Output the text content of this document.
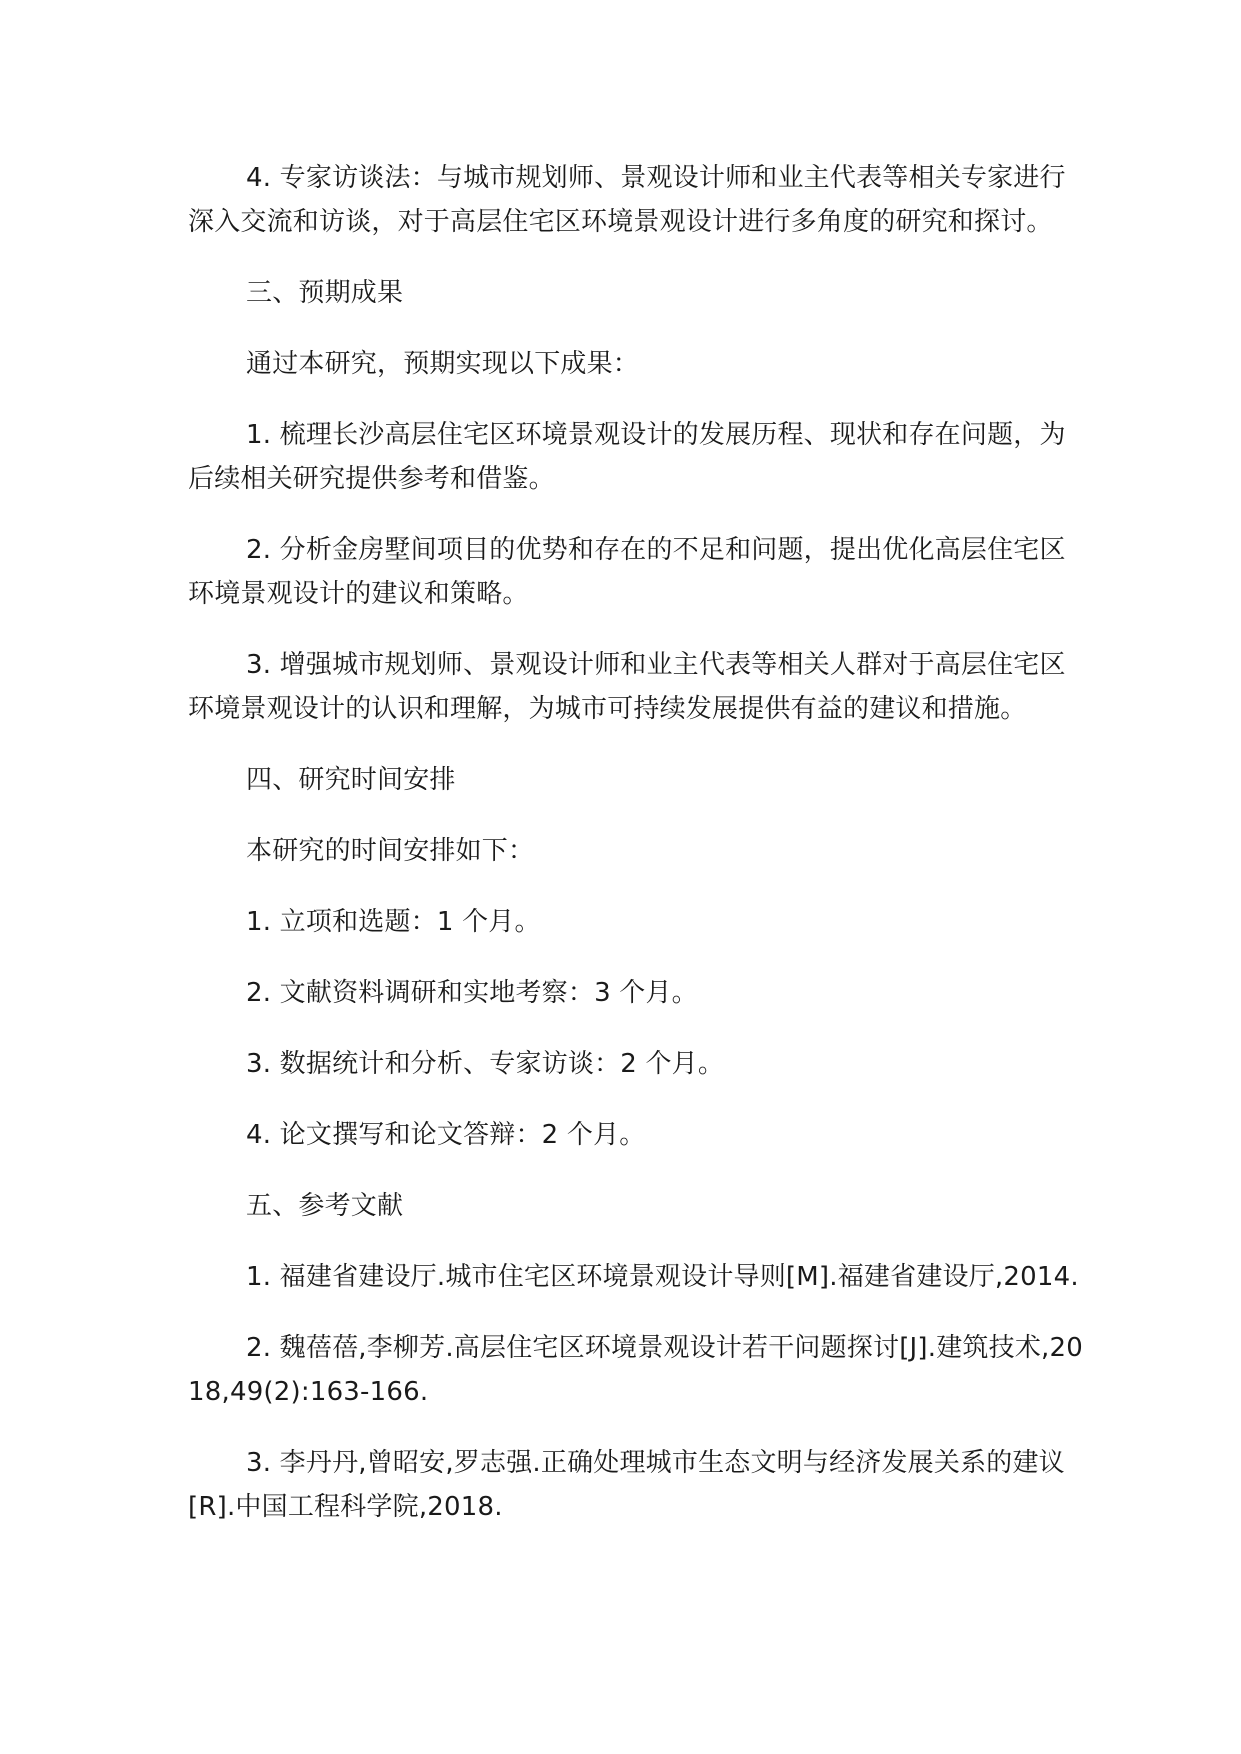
4. 专家访谈法：与城市规划师、景观设计师和业主代表等相关专家进行深入交流和访谈，对于高层住宅区环境景观设计进行多角度的研究和探讨。

三、预期成果

通过本研究，预期实现以下成果：

1. 梳理长沙高层住宅区环境景观设计的发展历程、现状和存在问题，为后续相关研究提供参考和借鉴。

2. 分析金房墅间项目的优势和存在的不足和问题，提出优化高层住宅区环境景观设计的建议和策略。

3. 增强城市规划师、景观设计师和业主代表等相关人群对于高层住宅区环境景观设计的认识和理解，为城市可持续发展提供有益的建议和措施。

四、研究时间安排

本研究的时间安排如下：

1. 立项和选题：1 个月。

2. 文献资料调研和实地考察：3 个月。

3. 数据统计和分析、专家访谈：2 个月。

4. 论文撰写和论文答辩：2 个月。

五、参考文献

1. 福建省建设厅.城市住宅区环境景观设计导则[M].福建省建设厅,2014.

2. 魏蓓蓓,李柳芳.高层住宅区环境景观设计若干问题探讨[J].建筑技术,2018,49(2):163-166.

3. 李丹丹,曾昭安,罗志强.正确处理城市生态文明与经济发展关系的建议[R].中国工程科学院,2018.
